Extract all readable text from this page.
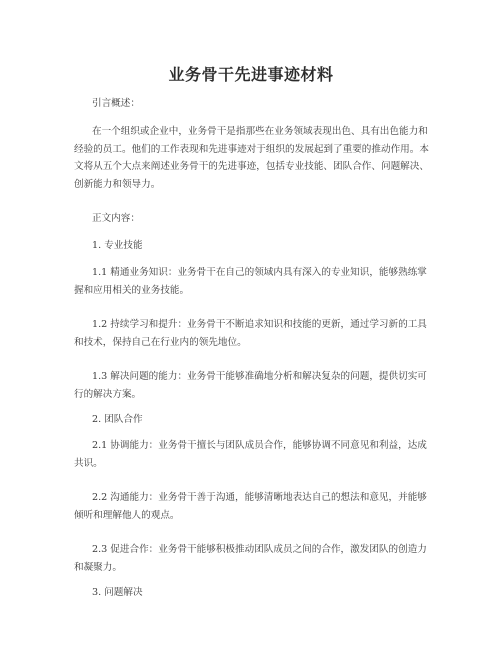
业务骨干先进事迹材料
引言概述：
在一个组织或企业中，业务骨干是指那些在业务领域表现出色、具有出色能力和经验的员工。他们的工作表现和先进事迹对于组织的发展起到了重要的推动作用。本文将从五个大点来阐述业务骨干的先进事迹，包括专业技能、团队合作、问题解决、创新能力和领导力。
正文内容：
1. 专业技能
1.1 精通业务知识：业务骨干在自己的领域内具有深入的专业知识，能够熟练掌握和应用相关的业务技能。
1.2 持续学习和提升：业务骨干不断追求知识和技能的更新，通过学习新的工具和技术，保持自己在行业内的领先地位。
1.3 解决问题的能力：业务骨干能够准确地分析和解决复杂的问题，提供切实可行的解决方案。
2. 团队合作
2.1 协调能力：业务骨干擅长与团队成员合作，能够协调不同意见和利益，达成共识。
2.2 沟通能力：业务骨干善于沟通，能够清晰地表达自己的想法和意见，并能够倾听和理解他人的观点。
2.3 促进合作：业务骨干能够积极推动团队成员之间的合作，激发团队的创造力和凝聚力。
3. 问题解决
